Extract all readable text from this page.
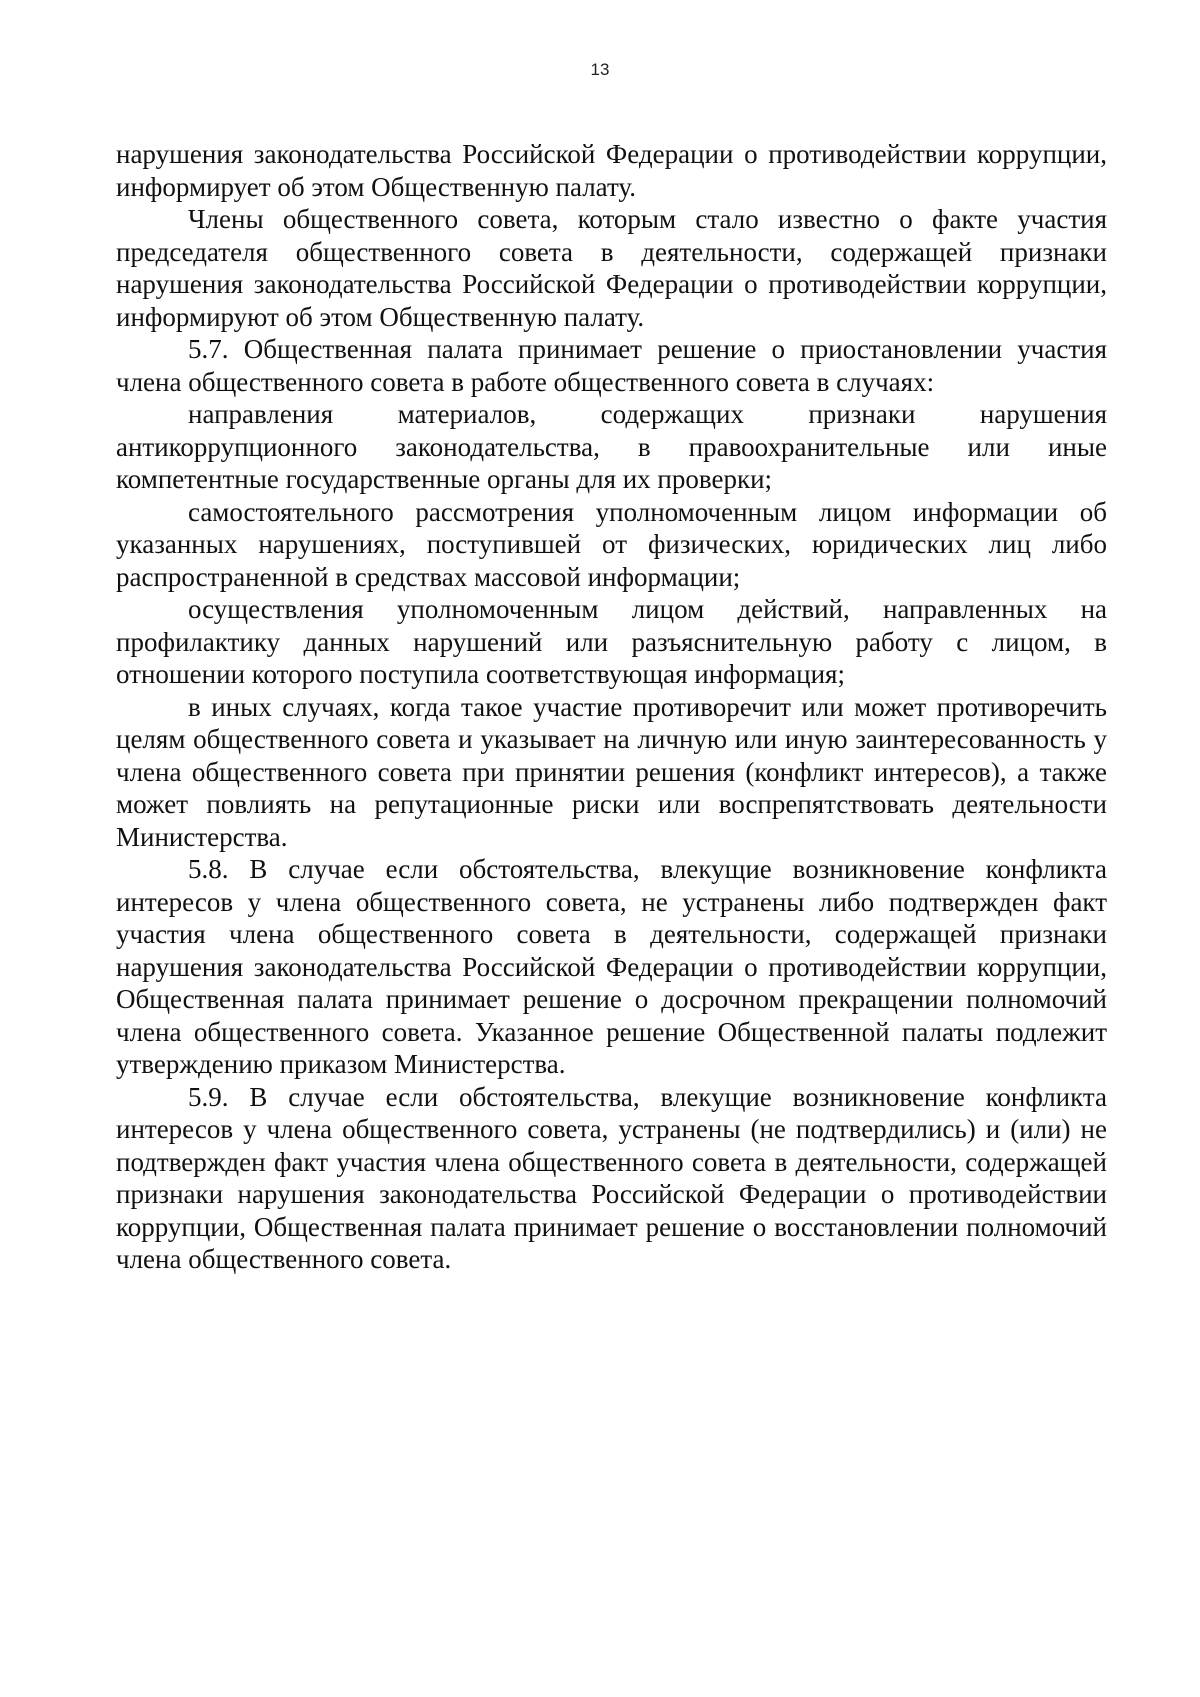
13

нарушения законодательства Российской Федерации о противодействии коррупции, информирует об этом Общественную палату.

Члены общественного совета, которым стало известно о факте участия председателя общественного совета в деятельности, содержащей признаки нарушения законодательства Российской Федерации о противодействии коррупции, информируют об этом Общественную палату.

5.7. Общественная палата принимает решение о приостановлении участия члена общественного совета в работе общественного совета в случаях:

направления материалов, содержащих признаки нарушения антикоррупционного законодательства, в правоохранительные или иные компетентные государственные органы для их проверки;

самостоятельного рассмотрения уполномоченным лицом информации об указанных нарушениях, поступившей от физических, юридических лиц либо распространенной в средствах массовой информации;

осуществления уполномоченным лицом действий, направленных на профилактику данных нарушений или разъяснительную работу с лицом, в отношении которого поступила соответствующая информация;

в иных случаях, когда такое участие противоречит или может противоречить целям общественного совета и указывает на личную или иную заинтересованность у члена общественного совета при принятии решения (конфликт интересов), а также может повлиять на репутационные риски или воспрепятствовать деятельности Министерства.

5.8. В случае если обстоятельства, влекущие возникновение конфликта интересов у члена общественного совета, не устранены либо подтвержден факт участия члена общественного совета в деятельности, содержащей признаки нарушения законодательства Российской Федерации о противодействии коррупции, Общественная палата принимает решение о досрочном прекращении полномочий члена общественного совета. Указанное решение Общественной палаты подлежит утверждению приказом Министерства.

5.9. В случае если обстоятельства, влекущие возникновение конфликта интересов у члена общественного совета, устранены (не подтвердились) и (или) не подтвержден факт участия члена общественного совета в деятельности, содержащей признаки нарушения законодательства Российской Федерации о противодействии коррупции, Общественная палата принимает решение о восстановлении полномочий члена общественного совета.
